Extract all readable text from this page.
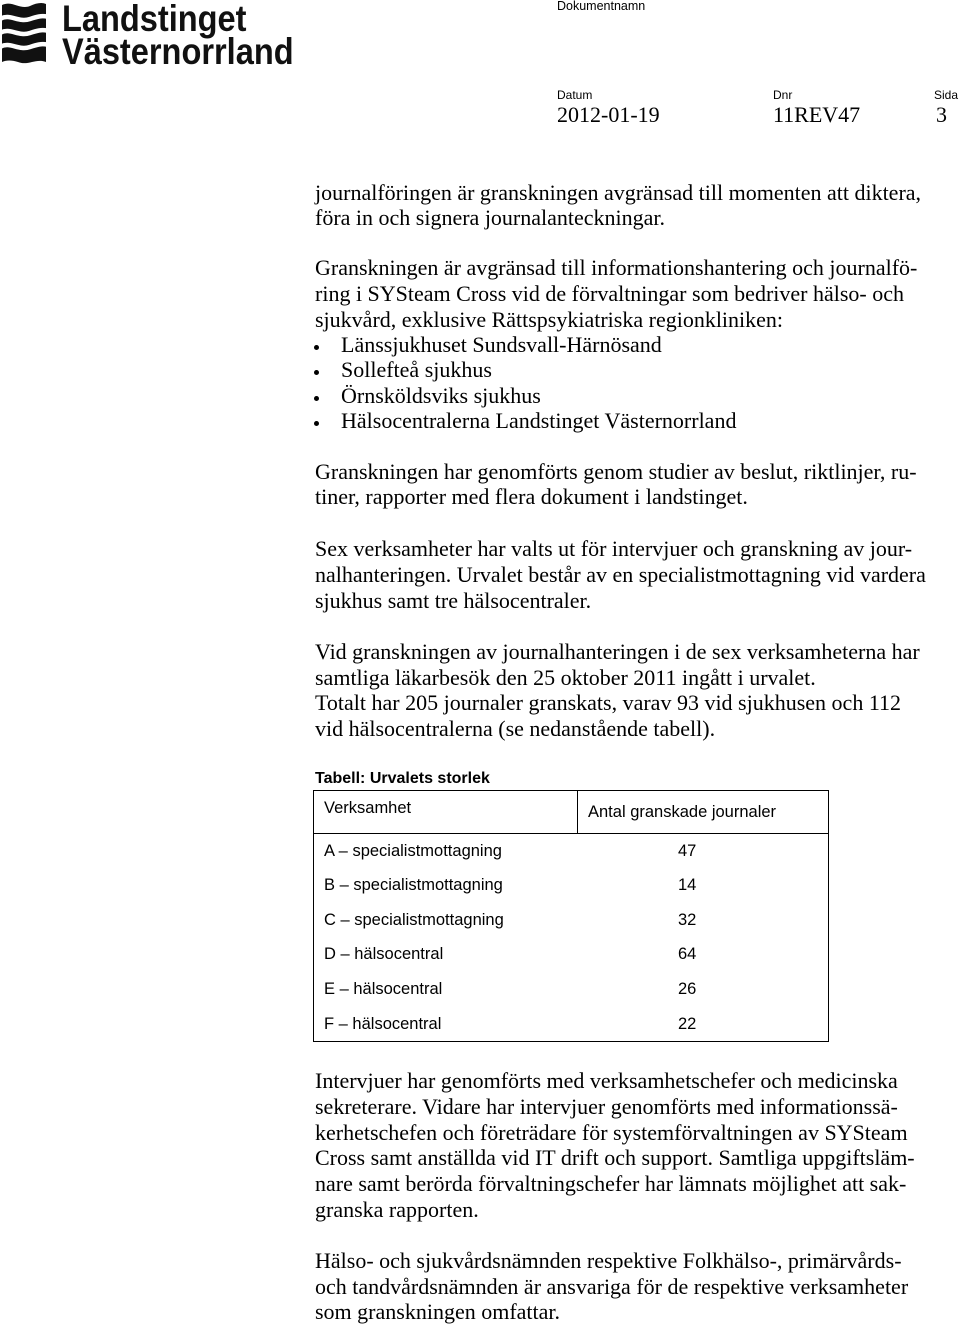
Landstinget
Västernorrland
Dokumentnamn
Datum	Dnr	Sida
2012-01-19	11REV47	3
journalföringen är granskningen avgränsad till momenten att diktera,
föra in och signera journalanteckningar.
Granskningen är avgränsad till informationshantering och journalfö-
ring i SYSteam Cross vid de förvaltningar som bedriver hälso- och
sjukvård, exklusive Rättspsykiatriska regionkliniken:
Länssjukhuset Sundsvall-Härnösand
Sollefteå sjukhus
Örnsköldsviks sjukhus
Hälsocentralerna Landstinget Västernorrland
Granskningen har genomförts genom studier av beslut, riktlinjer, ru-
tiner, rapporter med flera dokument i landstinget.
Sex verksamheter har valts ut för intervjuer och granskning av jour-
nalhanteringen. Urvalet består av en specialistmottagning vid vardera
sjukhus samt tre hälsocentraler.
Vid granskningen av journalhanteringen i de sex verksamheterna har
samtliga läkarbesök den 25 oktober 2011 ingått i urvalet.
Totalt har 205 journaler granskats, varav 93 vid sjukhusen och 112
vid hälsocentralerna (se nedanstående tabell).
Tabell: Urvalets storlek
Verksamhet	Antal granskade journaler
A – specialistmottagning	47
B – specialistmottagning	14
C – specialistmottagning	32
D – hälsocentral	64
E – hälsocentral	26
F – hälsocentral	22
Intervjuer har genomförts med verksamhetschefer och medicinska
sekreterare. Vidare har intervjuer genomförts med informationssä-
kerhetschefen och företrädare för systemförvaltningen av SYSteam
Cross samt anställda vid IT drift och support. Samtliga uppgiftsläm-
nare samt berörda förvaltningschefer har lämnats möjlighet att sak-
granska rapporten.
Hälso- och sjukvårdsnämnden respektive Folkhälso-, primärvårds-
och tandvårdsnämnden är ansvariga för de respektive verksamheter
som granskningen omfattar.
